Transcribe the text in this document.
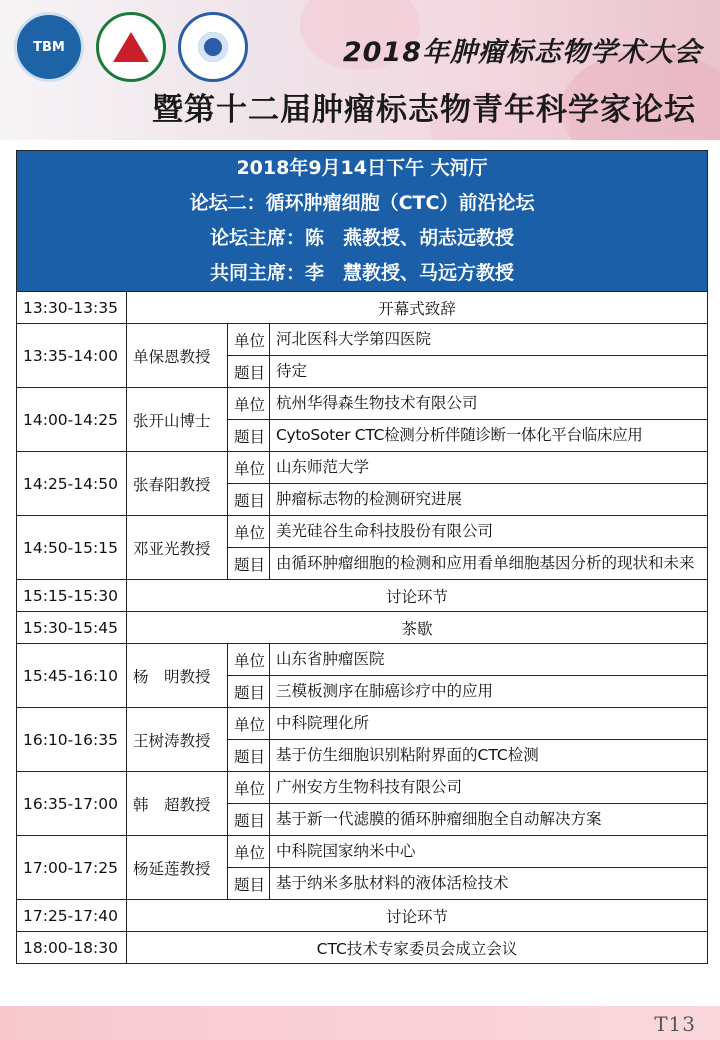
TBM	2018年肿瘤标志物学术大会
暨第十二届肿瘤标志物青年科学家论坛
2018年9月14日下午 大河厅
论坛二：循环肿瘤细胞（CTC）前沿论坛
论坛主席：陈　燕教授、胡志远教授
共同主席：李　慧教授、马远方教授			

13:30-13:35	开幕式致辞		
13:35-14:00	单保恩教授	单位	河北医科大学第四医院
		题目	待定
14:00-14:25	张开山博士	单位	杭州华得森生物技术有限公司
		题目	CytoSoter CTC检测分析伴随诊断一体化平台临床应用
14:25-14:50	张春阳教授	单位	山东师范大学
		题目	肿瘤标志物的检测研究进展
14:50-15:15	邓亚光教授	单位	美光硅谷生命科技股份有限公司
		题目	由循环肿瘤细胞的检测和应用看单细胞基因分析的现状和未来
15:15-15:30	讨论环节		
15:30-15:45	茶歇		
15:45-16:10	杨　明教授	单位	山东省肿瘤医院
		题目	三模板测序在肺癌诊疗中的应用
16:10-16:35	王树涛教授	单位	中科院理化所
		题目	基于仿生细胞识别粘附界面的CTC检测
16:35-17:00	韩　超教授	单位	广州安方生物科技有限公司
		题目	基于新一代滤膜的循环肿瘤细胞全自动解决方案
17:00-17:25	杨延莲教授	单位	中科院国家纳米中心
		题目	基于纳米多肽材料的液体活检技术
17:25-17:40	讨论环节		
18:00-18:30	CTC技术专家委员会成立会议		
T13
